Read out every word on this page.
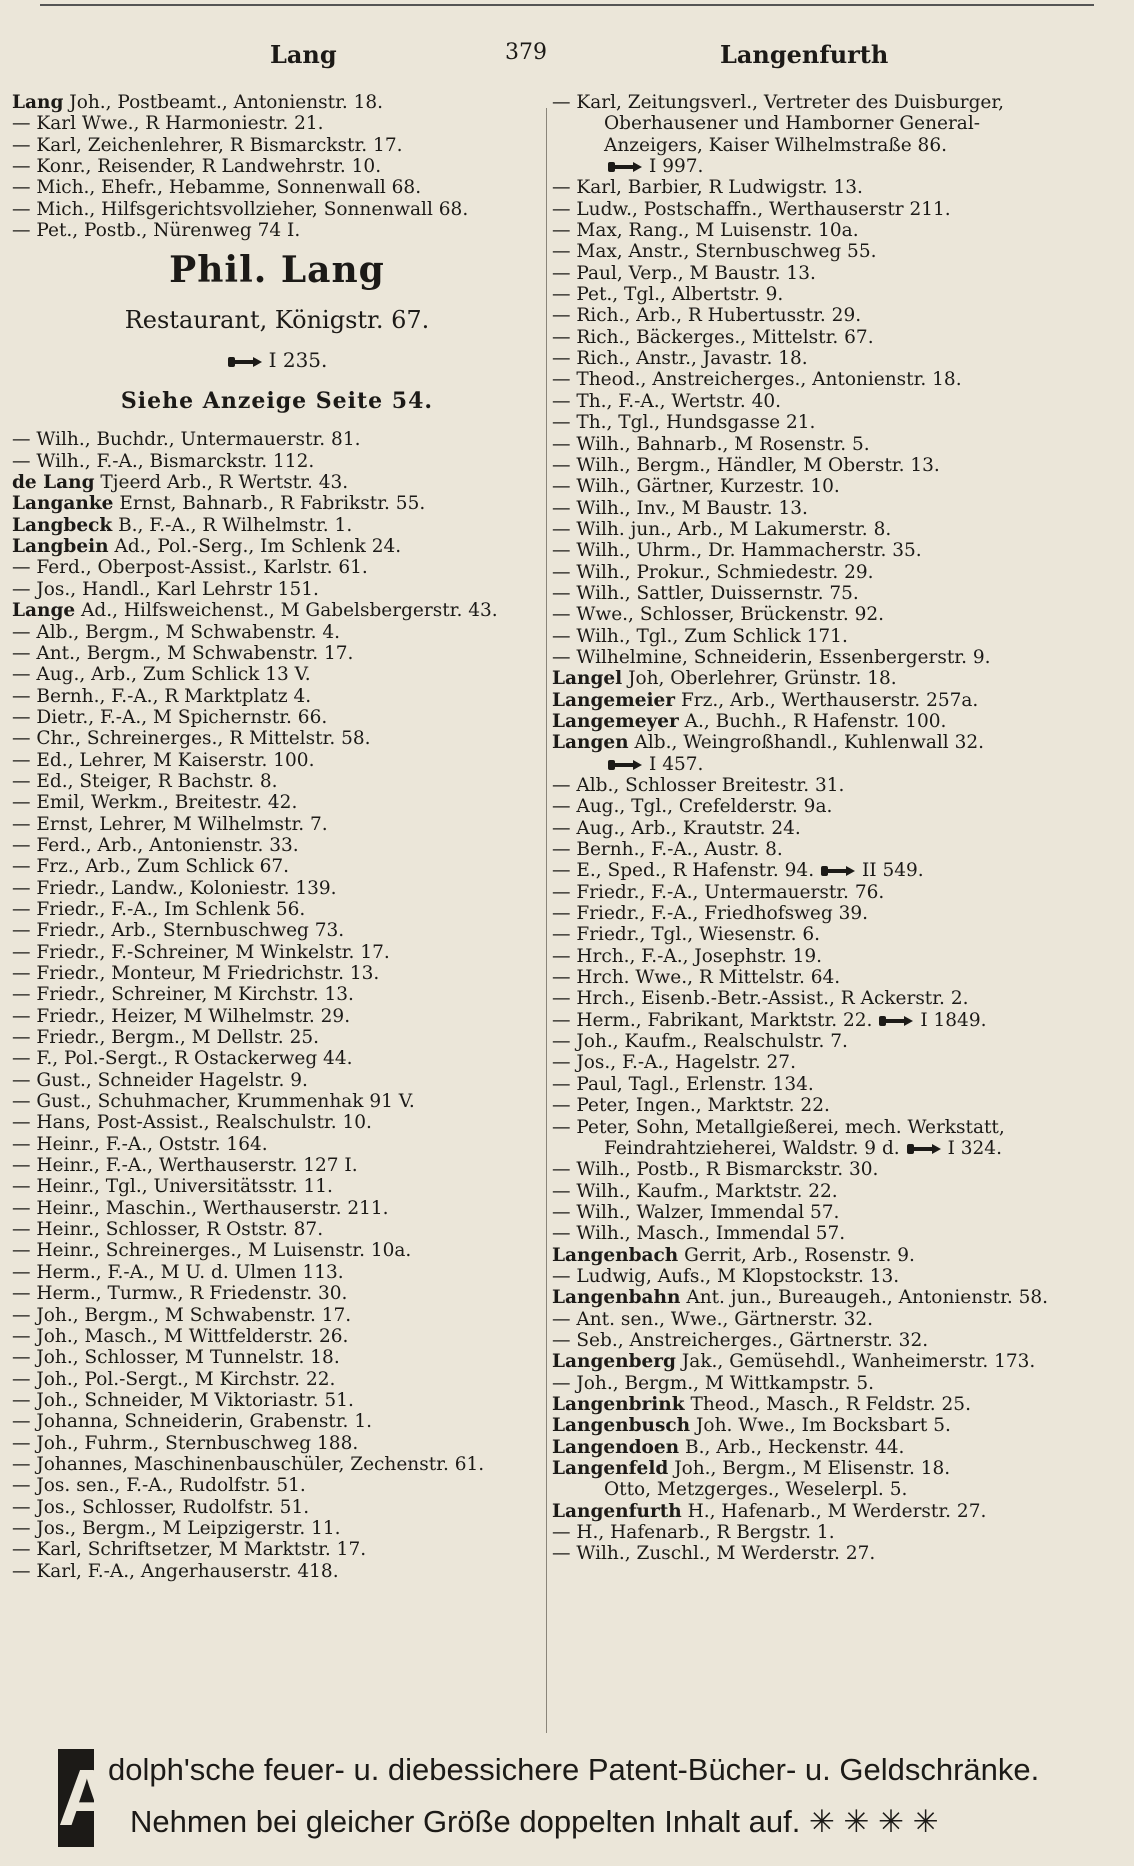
Lang	379	Langenfurth
Lang Joh., Postbeamt., Antonienstr. 18.
— Karl Wwe., R Harmoniestr. 21.
— Karl, Zeichenlehrer, R Bismarckstr. 17.
— Konr., Reisender, R Landwehrstr. 10.
— Mich., Ehefr., Hebamme, Sonnenwall 68.
— Mich., Hilfsgerichtsvollzieher, Sonnenwall 68.
— Pet., Postb., Nürenweg 74 I.
Phil. Lang
Restaurant, Königstr. 67.
I 235.
Siehe Anzeige Seite 54.
— Wilh., Buchdr., Untermauerstr. 81.
— Wilh., F.-A., Bismarckstr. 112.
de Lang Tjeerd Arb., R Wertstr. 43.
Langanke Ernst, Bahnarb., R Fabrikstr. 55.
Langbeck B., F.-A., R Wilhelmstr. 1.
Langbein Ad., Pol.-Serg., Im Schlenk 24.
— Ferd., Oberpost-Assist., Karlstr. 61.
— Jos., Handl., Karl Lehrstr 151.
Lange Ad., Hilfsweichenst., M Gabelsbergerstr. 43.
— Alb., Bergm., M Schwabenstr. 4.
— Ant., Bergm., M Schwabenstr. 17.
— Aug., Arb., Zum Schlick 13 V.
— Bernh., F.-A., R Marktplatz 4.
— Dietr., F.-A., M Spichernstr. 66.
— Chr., Schreinerges., R Mittelstr. 58.
— Ed., Lehrer, M Kaiserstr. 100.
— Ed., Steiger, R Bachstr. 8.
— Emil, Werkm., Breitestr. 42.
— Ernst, Lehrer, M Wilhelmstr. 7.
— Ferd., Arb., Antonienstr. 33.
— Frz., Arb., Zum Schlick 67.
— Friedr., Landw., Koloniestr. 139.
— Friedr., F.-A., Im Schlenk 56.
— Friedr., Arb., Sternbuschweg 73.
— Friedr., F.-Schreiner, M Winkelstr. 17.
— Friedr., Monteur, M Friedrichstr. 13.
— Friedr., Schreiner, M Kirchstr. 13.
— Friedr., Heizer, M Wilhelmstr. 29.
— Friedr., Bergm., M Dellstr. 25.
— F., Pol.-Sergt., R Ostackerweg 44.
— Gust., Schneider Hagelstr. 9.
— Gust., Schuhmacher, Krummenhak 91 V.
— Hans, Post-Assist., Realschulstr. 10.
— Heinr., F.-A., Oststr. 164.
— Heinr., F.-A., Werthauserstr. 127 I.
— Heinr., Tgl., Universitätsstr. 11.
— Heinr., Maschin., Werthauserstr. 211.
— Heinr., Schlosser, R Oststr. 87.
— Heinr., Schreinerges., M Luisenstr. 10a.
— Herm., F.-A., M U. d. Ulmen 113.
— Herm., Turmw., R Friedenstr. 30.
— Joh., Bergm., M Schwabenstr. 17.
— Joh., Masch., M Wittfelderstr. 26.
— Joh., Schlosser, M Tunnelstr. 18.
— Joh., Pol.-Sergt., M Kirchstr. 22.
— Joh., Schneider, M Viktoriastr. 51.
— Johanna, Schneiderin, Grabenstr. 1.
— Joh., Fuhrm., Sternbuschweg 188.
— Johannes, Maschinenbauschüler, Zechenstr. 61.
— Jos. sen., F.-A., Rudolfstr. 51.
— Jos., Schlosser, Rudolfstr. 51.
— Jos., Bergm., M Leipzigerstr. 11.
— Karl, Schriftsetzer, M Marktstr. 17.
— Karl, F.-A., Angerhauserstr. 418.
— Karl, Zeitungsverl., Vertreter des Duisburger,
Oberhausener und Hamborner General-
Anzeigers, Kaiser Wilhelmstraße 86.
I 997.
— Karl, Barbier, R Ludwigstr. 13.
— Ludw., Postschaffn., Werthauserstr 211.
— Max, Rang., M Luisenstr. 10a.
— Max, Anstr., Sternbuschweg 55.
— Paul, Verp., M Baustr. 13.
— Pet., Tgl., Albertstr. 9.
— Rich., Arb., R Hubertusstr. 29.
— Rich., Bäckerges., Mittelstr. 67.
— Rich., Anstr., Javastr. 18.
— Theod., Anstreicherges., Antonienstr. 18.
— Th., F.-A., Wertstr. 40.
— Th., Tgl., Hundsgasse 21.
— Wilh., Bahnarb., M Rosenstr. 5.
— Wilh., Bergm., Händler, M Oberstr. 13.
— Wilh., Gärtner, Kurzestr. 10.
— Wilh., Inv., M Baustr. 13.
— Wilh. jun., Arb., M Lakumerstr. 8.
— Wilh., Uhrm., Dr. Hammacherstr. 35.
— Wilh., Prokur., Schmiedestr. 29.
— Wilh., Sattler, Duissernstr. 75.
— Wwe., Schlosser, Brückenstr. 92.
— Wilh., Tgl., Zum Schlick 171.
— Wilhelmine, Schneiderin, Essenbergerstr. 9.
Langel Joh, Oberlehrer, Grünstr. 18.
Langemeier Frz., Arb., Werthauserstr. 257a.
Langemeyer A., Buchh., R Hafenstr. 100.
Langen Alb., Weingroßhandl., Kuhlenwall 32.
I 457.
— Alb., Schlosser Breitestr. 31.
— Aug., Tgl., Crefelderstr. 9a.
— Aug., Arb., Krautstr. 24.
— Bernh., F.-A., Austr. 8.
— E., Sped., R Hafenstr. 94.	II 549.
— Friedr., F.-A., Untermauerstr. 76.
— Friedr., F.-A., Friedhofsweg 39.
— Friedr., Tgl., Wiesenstr. 6.
— Hrch., F.-A., Josephstr. 19.
— Hrch. Wwe., R Mittelstr. 64.
— Hrch., Eisenb.-Betr.-Assist., R Ackerstr. 2.
— Herm., Fabrikant, Marktstr. 22.	I 1849.
— Joh., Kaufm., Realschulstr. 7.
— Jos., F.-A., Hagelstr. 27.
— Paul, Tagl., Erlenstr. 134.
— Peter, Ingen., Marktstr. 22.
— Peter, Sohn, Metallgießerei, mech. Werkstatt,
Feindrahtzieherei, Waldstr. 9 d.	I 324.
— Wilh., Postb., R Bismarckstr. 30.
— Wilh., Kaufm., Marktstr. 22.
— Wilh., Walzer, Immendal 57.
— Wilh., Masch., Immendal 57.
Langenbach Gerrit, Arb., Rosenstr. 9.
— Ludwig, Aufs., M Klopstockstr. 13.
Langenbahn Ant. jun., Bureaugeh., Antonienstr. 58.
— Ant. sen., Wwe., Gärtnerstr. 32.
— Seb., Anstreicherges., Gärtnerstr. 32.
Langenberg Jak., Gemüsehdl., Wanheimerstr. 173.
— Joh., Bergm., M Wittkampstr. 5.
Langenbrink Theod., Masch., R Feldstr. 25.
Langenbusch Joh. Wwe., Im Bocksbart 5.
Langendoen B., Arb., Heckenstr. 44.
Langenfeld Joh., Bergm., M Elisenstr. 18.
Otto, Metzgerges., Weselerpl. 5.
Langenfurth H., Hafenarb., M Werderstr. 27.
— H., Hafenarb., R Bergstr. 1.
— Wilh., Zuschl., M Werderstr. 27.
A
dolph'sche feuer- u. diebessichere Patent-Bücher- u. Geldschränke.
Nehmen bei gleicher Größe doppelten Inhalt auf. ✳ ✳ ✳ ✳
